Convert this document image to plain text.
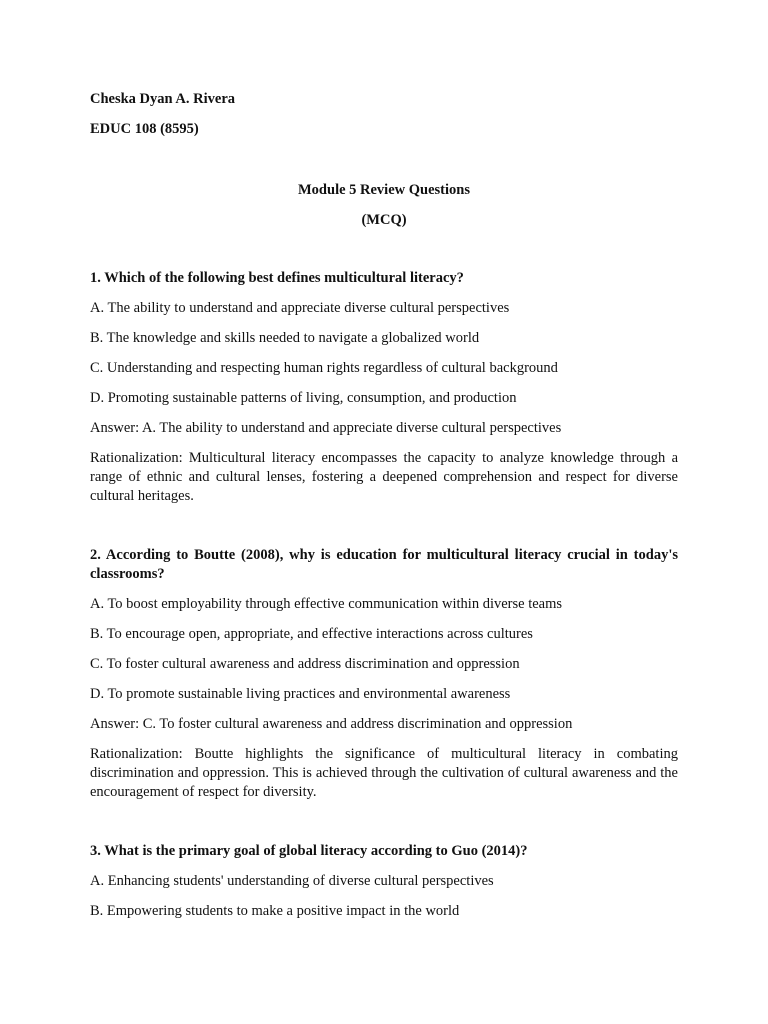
Cheska Dyan A. Rivera

EDUC 108 (8595)

Module 5 Review Questions

(MCQ)

1. Which of the following best defines multicultural literacy?

A. The ability to understand and appreciate diverse cultural perspectives

B. The knowledge and skills needed to navigate a globalized world

C. Understanding and respecting human rights regardless of cultural background

D. Promoting sustainable patterns of living, consumption, and production

Answer: A. The ability to understand and appreciate diverse cultural perspectives

Rationalization: Multicultural literacy encompasses the capacity to analyze knowledge through a range of ethnic and cultural lenses, fostering a deepened comprehension and respect for diverse cultural heritages.

2. According to Boutte (2008), why is education for multicultural literacy crucial in today's classrooms?

A. To boost employability through effective communication within diverse teams

B. To encourage open, appropriate, and effective interactions across cultures

C. To foster cultural awareness and address discrimination and oppression

D. To promote sustainable living practices and environmental awareness

Answer: C. To foster cultural awareness and address discrimination and oppression

Rationalization: Boutte highlights the significance of multicultural literacy in combating discrimination and oppression. This is achieved through the cultivation of cultural awareness and the encouragement of respect for diversity.

3. What is the primary goal of global literacy according to Guo (2014)?

A. Enhancing students' understanding of diverse cultural perspectives

B. Empowering students to make a positive impact in the world
